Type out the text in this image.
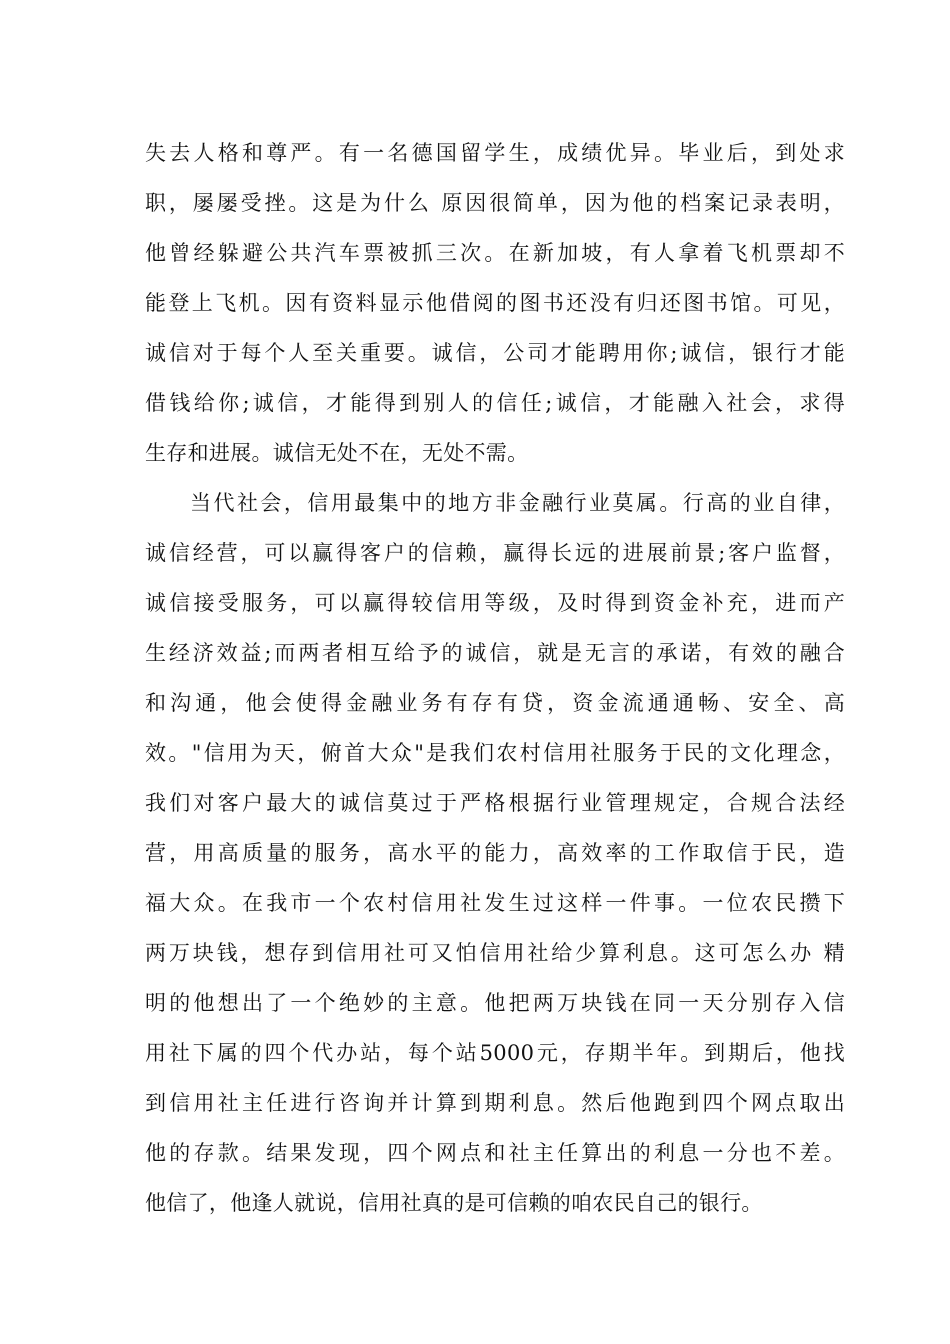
失去人格和尊严。有一名德国留学生，成绩优异。毕业后，到处求
职，屡屡受挫。这是为什么 原因很简单，因为他的档案记录表明，
他曾经躲避公共汽车票被抓三次。在新加坡，有人拿着飞机票却不
能登上飞机。因有资料显示他借阅的图书还没有归还图书馆。可见，
诚信对于每个人至关重要。诚信，公司才能聘用你;诚信，银行才能
借钱给你;诚信，才能得到别人的信任;诚信，才能融入社会，求得
生存和进展。诚信无处不在，无处不需。
当代社会，信用最集中的地方非金融行业莫属。行高的业自律，
诚信经营，可以赢得客户的信赖，赢得长远的进展前景;客户监督，
诚信接受服务，可以赢得较信用等级，及时得到资金补充，进而产
生经济效益;而两者相互给予的诚信，就是无言的承诺，有效的融合
和沟通，他会使得金融业务有存有贷，资金流通通畅、安全、高
效。"信用为天，俯首大众"是我们农村信用社服务于民的文化理念，
我们对客户最大的诚信莫过于严格根据行业管理规定，合规合法经
营，用高质量的服务，高水平的能力，高效率的工作取信于民，造
福大众。在我市一个农村信用社发生过这样一件事。一位农民攒下
两万块钱，想存到信用社可又怕信用社给少算利息。这可怎么办 精
明的他想出了一个绝妙的主意。他把两万块钱在同一天分别存入信
用社下属的四个代办站，每个站5000元，存期半年。到期后，他找
到信用社主任进行咨询并计算到期利息。然后他跑到四个网点取出
他的存款。结果发现，四个网点和社主任算出的利息一分也不差。
他信了，他逢人就说，信用社真的是可信赖的咱农民自己的银行。
